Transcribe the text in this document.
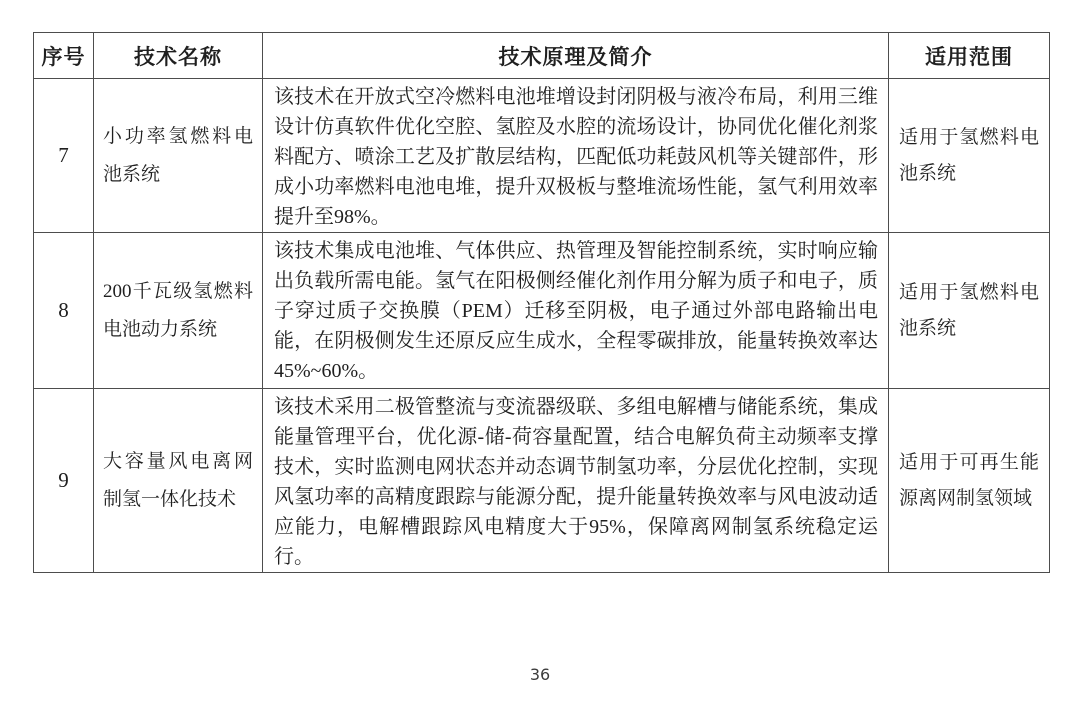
序号	技术名称	技术原理及简介	适用范围
7	小功率氢燃料电池系统	该技术在开放式空冷燃料电池堆增设封闭阴极与液冷布局，利用三维设计仿真软件优化空腔、氢腔及水腔的流场设计，协同优化催化剂浆料配方、喷涂工艺及扩散层结构，匹配低功耗鼓风机等关键部件，形成小功率燃料电池电堆，提升双极板与整堆流场性能，氢气利用效率提升至98%。	适用于氢燃料电池系统
8	200千瓦级氢燃料电池动力系统	该技术集成电池堆、气体供应、热管理及智能控制系统，实时响应输出负载所需电能。氢气在阳极侧经催化剂作用分解为质子和电子，质子穿过质子交换膜（PEM）迁移至阴极，电子通过外部电路输出电能，在阴极侧发生还原反应生成水，全程零碳排放，能量转换效率达45%~60%。	适用于氢燃料电池系统
9	大容量风电离网制氢一体化技术	该技术采用二极管整流与变流器级联、多组电解槽与储能系统，集成能量管理平台，优化源-储-荷容量配置，结合电解负荷主动频率支撑技术，实时监测电网状态并动态调节制氢功率，分层优化控制，实现风氢功率的高精度跟踪与能源分配，提升能量转换效率与风电波动适应能力，电解槽跟踪风电精度大于95%，保障离网制氢系统稳定运行。	适用于可再生能源离网制氢领域
36
